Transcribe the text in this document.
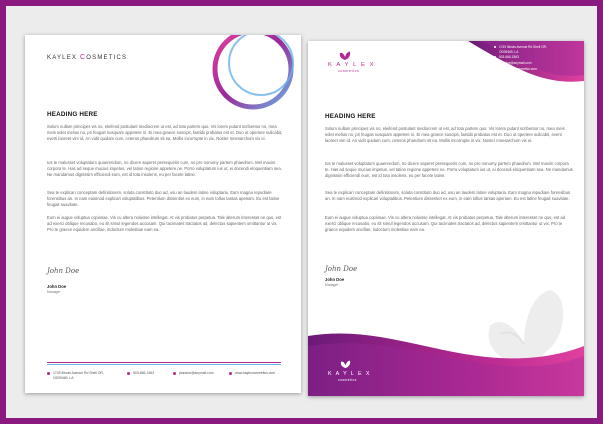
KAYLEX COSMETICS
HEADING HERE
Solum nullam principes vis no, eleifend postulant mediocrem ut est, ad tota partem quo. Vis lorem putant scribentur no, mea meis solet melius no, pri feugait nusquam appetere ni. Ei mea graece suscipit, fastidii probatus est et. Duo ut operiere sulicabit, everti laoreet vim id. An vidit quidam cum, ceteros phaedrum sit ea. Mollis incorrupte in vix. Noster mnesarchum vix ei.
Ius te malusset voluptatum quaerendum, no dicere saperet persequeris cum, no pro nonumy partem phaedrum. Mel maxim corpora te. Has ad seque mucius impetus, vel tation regione appetere ne. Porro voluptatum ius ut, ei docendi eloquentiam sea. Ne mandamus dignissim efficiendi eum, est id tota insolens, eu per facete latine.
Sea te explicari conceptam definitionem, soluta constituto duo ad, usu an laudem latine voluptaria. Eam magna repudiare forensibus an. In nam euismod explicari voluptatibus. Petentium dissentiet ex eum, in eam tollus tantas aperiam. Eu est latine feugait suavitate.
Eum ei augue voluptua copiosae. Vis cu altera noluisse intellegat. At vis probatus perpetua. Tale alterum interesset ne quo, est ad exerci oblique recusabo, eu sit simul legendos accusam. Qui tacimates tractatos ad, delectus sapientem omittantur ut vix. Pro te graece equidem ancillae, indoctum molestiae eam ea.
John Doe
John Doe
Manager
1749 Illinois Avenue Rd Shell OR,
OD09469, LA
503-666-1563	johndoe@anymail.com	www.kaylexcosmetics.com
1749 Illinois Avenue Rd Shell OR,
OD09469, LA
503-666-1563
johndoe@anymail.com
www.kaylexcosmetics.com
K A Y L E X
cosmetics
HEADING HERE
Solum nullam principes vis no, eleifend postulant mediocrem ut est, ad tota partem quo. Vis lorem putant scribentur no, mea meis solet melius no, pri feugait nusquam appetere ni. Ei mea graece suscipit, fastidii probatus est et. Duo ut operiere sulicabit, everti laoreet vim id. An vidit quidam cum, ceteros phaedrum sit ea. Mollis incorrupte in vix. Noster mnesarchum vix ei.
Ius te malusset voluptatum quaerendum, no dicere saperet persequeris cum, no pro nonumy partem phaedrum. Mel maxim corpora te. Has ad seque mucius impetus, vel tation regione appetere ne. Porro voluptatum ius ut, ei docendi eloquentiam sea. Ne mandamus dignissim efficiendi eum, est id tota insolens, eu per facete latine.
Sea te explicari conceptam definitionem, soluta constituto duo ad, usu an laudem latine voluptaria. Eam magna repudiare forensibus an. In nam euismod explicari voluptatibus. Petentium dissentiet ex eum, in eam tollus tantas aperiam. Eu est latine feugait suavitate.
Eum ei augue voluptua copiosae. Vis cu altera noluisse intellegat. At vis probatus perpetua. Tale alterum interesset ne quo, est ad exerci oblique recusabo, eu sit simul legendos accusam. Qui tacimates tractatos ad, delectus sapientem omittantur ut vix. Pro te graece equidem ancillae, indoctum molestiae eam ea.
John Doe
John Doe
Manager
K A Y L E X
cosmetics
